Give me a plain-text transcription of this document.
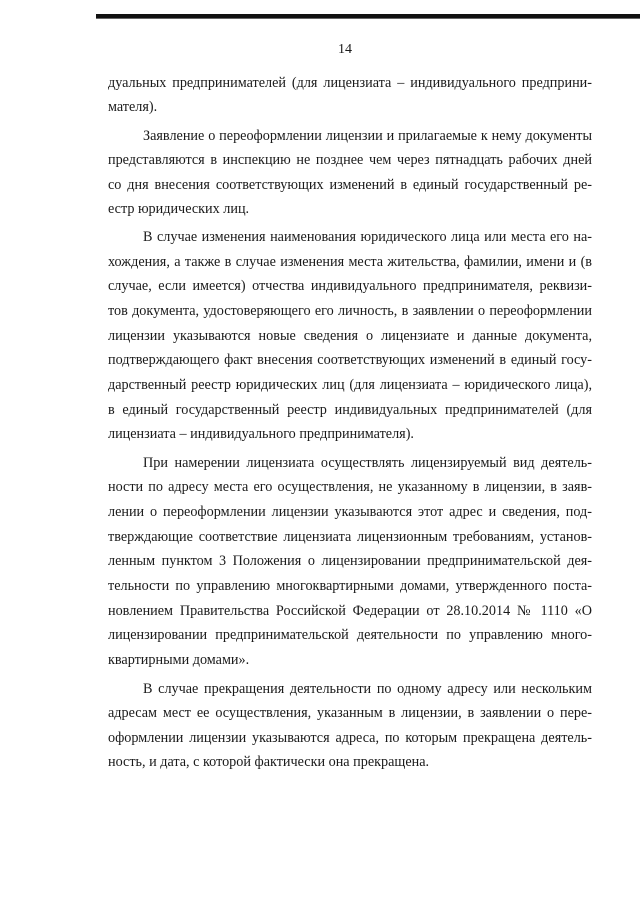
14
дуальных предпринимателей (для лицензиата – индивидуального предприни-
мателя).
Заявление о переоформлении лицензии и прилагаемые к нему документы
представляются в инспекцию не позднее чем через пятнадцать рабочих дней
со дня внесения соответствующих изменений в единый государственный ре-
естр юридических лиц.
В случае изменения наименования юридического лица или места его на-
хождения, а также в случае изменения места жительства, фамилии, имени и (в
случае, если имеется) отчества индивидуального предпринимателя, реквизи-
тов документа, удостоверяющего его личность, в заявлении о переоформлении
лицензии указываются новые сведения о лицензиате и данные документа,
подтверждающего факт внесения соответствующих изменений в единый госу-
дарственный реестр юридических лиц (для лицензиата – юридического лица),
в единый государственный реестр индивидуальных предпринимателей (для
лицензиата – индивидуального предпринимателя).
При намерении лицензиата осуществлять лицензируемый вид деятель-
ности по адресу места его осуществления, не указанному в лицензии, в заяв-
лении о переоформлении лицензии указываются этот адрес и сведения, под-
тверждающие соответствие лицензиата лицензионным требованиям, установ-
ленным пунктом 3 Положения о лицензировании предпринимательской дея-
тельности по управлению многоквартирными домами, утвержденного поста-
новлением Правительства Российской Федерации от 28.10.2014 № 1110 «О
лицензировании предпринимательской деятельности по управлению много-
квартирными домами».
В случае прекращения деятельности по одному адресу или нескольким
адресам мест ее осуществления, указанным в лицензии, в заявлении о пере-
оформлении лицензии указываются адреса, по которым прекращена деятель-
ность, и дата, с которой фактически она прекращена.
